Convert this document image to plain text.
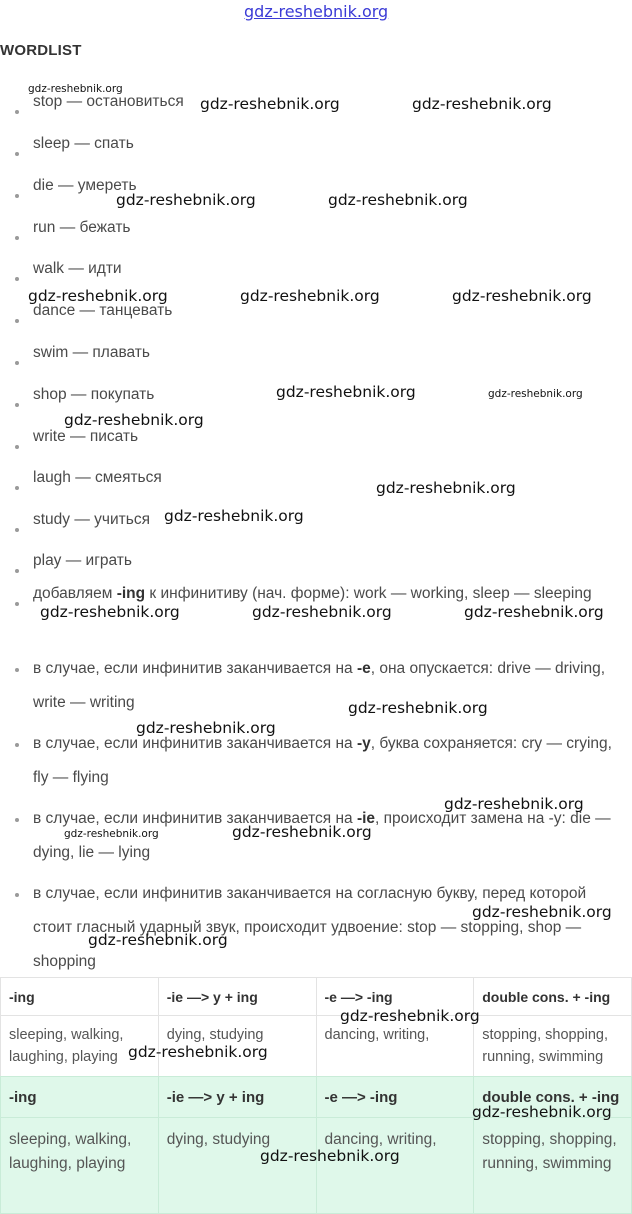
gdz-reshebnik.org
WORDLIST
stop — остановиться
sleep — спать
die — умереть
run — бежать
walk — идти
dance — танцевать
swim — плавать
shop — покупать
write — писать
laugh — смеяться
study — учиться
play — играть
добавляем -ing к инфинитиву (нач. форме): work — working, sleep — sleeping
в случае, если инфинитив заканчивается на -e, она опускается: drive — driving, write — writing
в случае, если инфинитив заканчивается на -y, буква сохраняется: cry — crying, fly — flying
в случае, если инфинитив заканчивается на -ie, происходит замена на -y: die — dying, lie — lying
в случае, если инфинитив заканчивается на согласную букву, перед которой стоит гласный ударный звук, происходит удвоение: stop — stopping, shop — shopping
-ing	-ie —> y + ing	-e —> -ing	double cons. + -ing
sleeping, walking, laughing, playing	dying, studying	dancing, writing,	stopping, shopping, running, swimming
-ing	-ie —> y + ing	-e —> -ing	double cons. + -ing
sleeping, walking, laughing, playing	dying, studying	dancing, writing,	stopping, shopping, running, swimming
gdz-reshebnik.org
gdz-reshebnik.org	gdz-reshebnik.org
gdz-reshebnik.org	gdz-reshebnik.org
gdz-reshebnik.org	gdz-reshebnik.org	gdz-reshebnik.org
gdz-reshebnik.org	gdz-reshebnik.org
gdz-reshebnik.org
gdz-reshebnik.org
gdz-reshebnik.org
gdz-reshebnik.org	gdz-reshebnik.org	gdz-reshebnik.org
gdz-reshebnik.org
gdz-reshebnik.org
gdz-reshebnik.org
gdz-reshebnik.org	gdz-reshebnik.org
gdz-reshebnik.org
gdz-reshebnik.org
gdz-reshebnik.org
gdz-reshebnik.org
gdz-reshebnik.org
gdz-reshebnik.org
